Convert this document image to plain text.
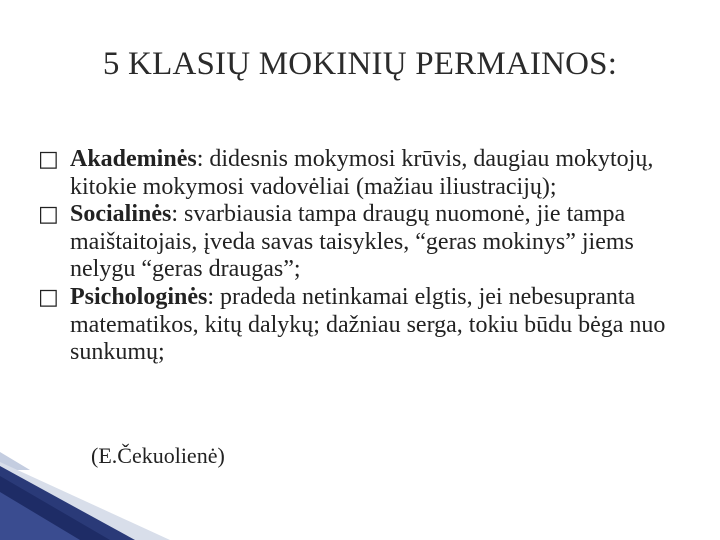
5 KLASIŲ MOKINIŲ PERMAINOS:
□ Akademinės: didesnis mokymosi krūvis, daugiau mokytojų, kitokie mokymosi vadovėliai (mažiau iliustracijų);
□ Socialinės: svarbiausia tampa draugų nuomonė, jie tampa maištaitojais, įveda savas taisykles, “geras mokinys” jiems nelygu “geras draugas”;
□ Psichologinės: pradeda netinkamai elgtis, jei nebesupranta matematikos, kitų dalykų; dažniau serga, tokiu būdu bėga nuo sunkumų;
(E.Čekuolienė)
